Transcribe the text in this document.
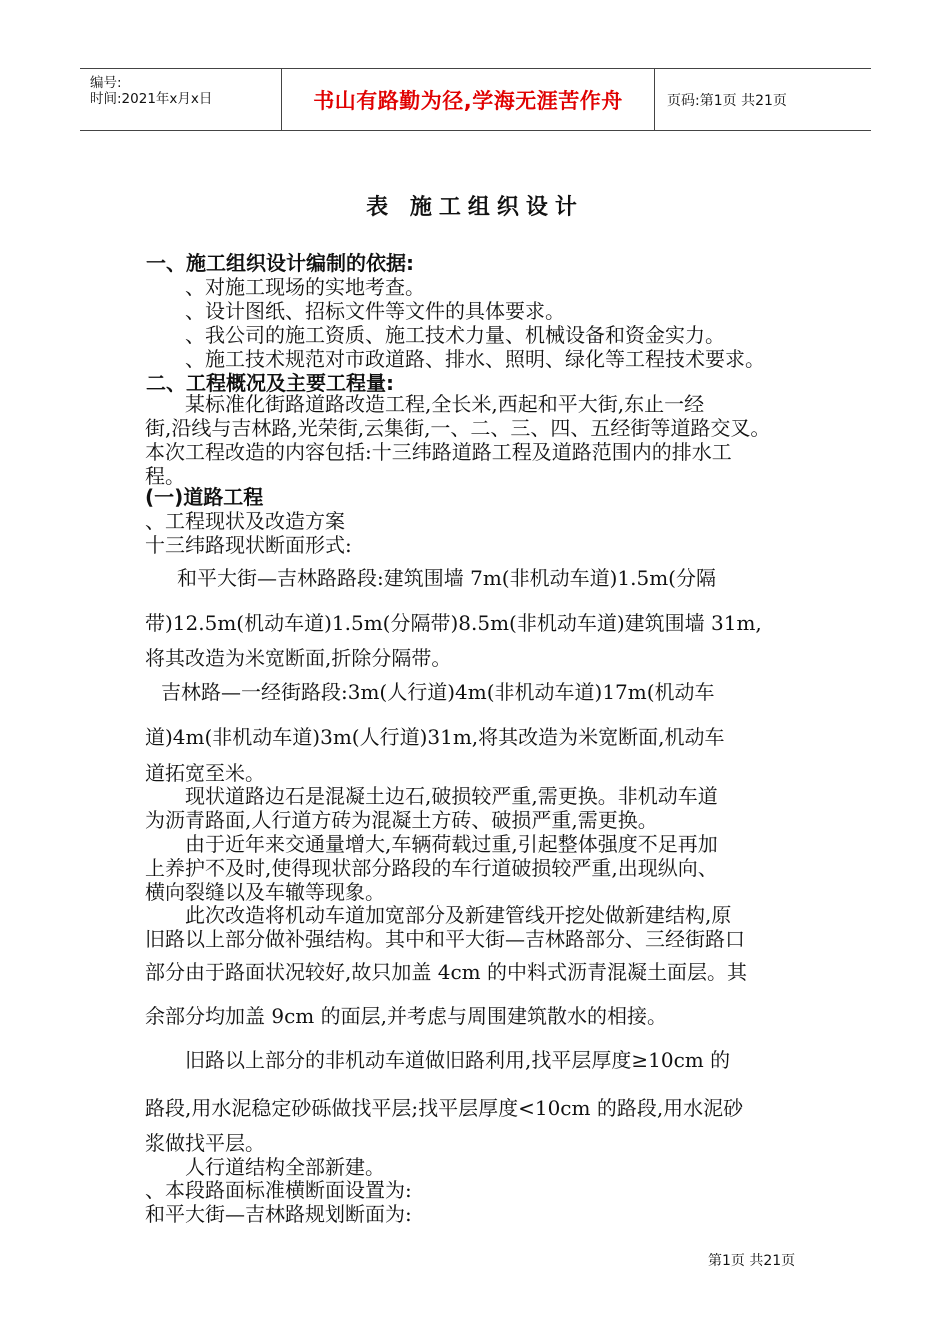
编号:
时间:2021年x月x日	书山有路勤为径,学海无涯苦作舟	页码:第1页 共21页
表 施工组织设计
一、施工组织设计编制的依据:
、对施工现场的实地考查。
、设计图纸、招标文件等文件的具体要求。
、我公司的施工资质、施工技术力量、机械设备和资金实力。
、施工技术规范对市政道路、排水、照明、绿化等工程技术要求。
二、工程概况及主要工程量:
某标准化街路道路改造工程,全长米,西起和平大街,东止一经
街,沿线与吉林路,光荣街,云集街,一、二、三、四、五经街等道路交叉。
本次工程改造的内容包括:十三纬路道路工程及道路范围内的排水工
程。
(一)道路工程
、工程现状及改造方案
十三纬路现状断面形式:
和平大街—吉林路路段:建筑围墙 7m(非机动车道)1.5m(分隔
带)12.5m(机动车道)1.5m(分隔带)8.5m(非机动车道)建筑围墙 31m,
将其改造为米宽断面,折除分隔带。
吉林路—一经街路段:3m(人行道)4m(非机动车道)17m(机动车
道)4m(非机动车道)3m(人行道)31m,将其改造为米宽断面,机动车
道拓宽至米。
现状道路边石是混凝土边石,破损较严重,需更换。非机动车道
为沥青路面,人行道方砖为混凝土方砖、破损严重,需更换。
由于近年来交通量增大,车辆荷载过重,引起整体强度不足再加
上养护不及时,使得现状部分路段的车行道破损较严重,出现纵向、
横向裂缝以及车辙等现象。
此次改造将机动车道加宽部分及新建管线开挖处做新建结构,原
旧路以上部分做补强结构。其中和平大街—吉林路部分、三经街路口
部分由于路面状况较好,故只加盖 4cm 的中料式沥青混凝土面层。其
余部分均加盖 9cm 的面层,并考虑与周围建筑散水的相接。
旧路以上部分的非机动车道做旧路利用,找平层厚度≥10cm 的
路段,用水泥稳定砂砾做找平层;找平层厚度<10cm 的路段,用水泥砂
浆做找平层。
人行道结构全部新建。
、本段路面标准横断面设置为:
和平大街—吉林路规划断面为:
第1页 共21页
